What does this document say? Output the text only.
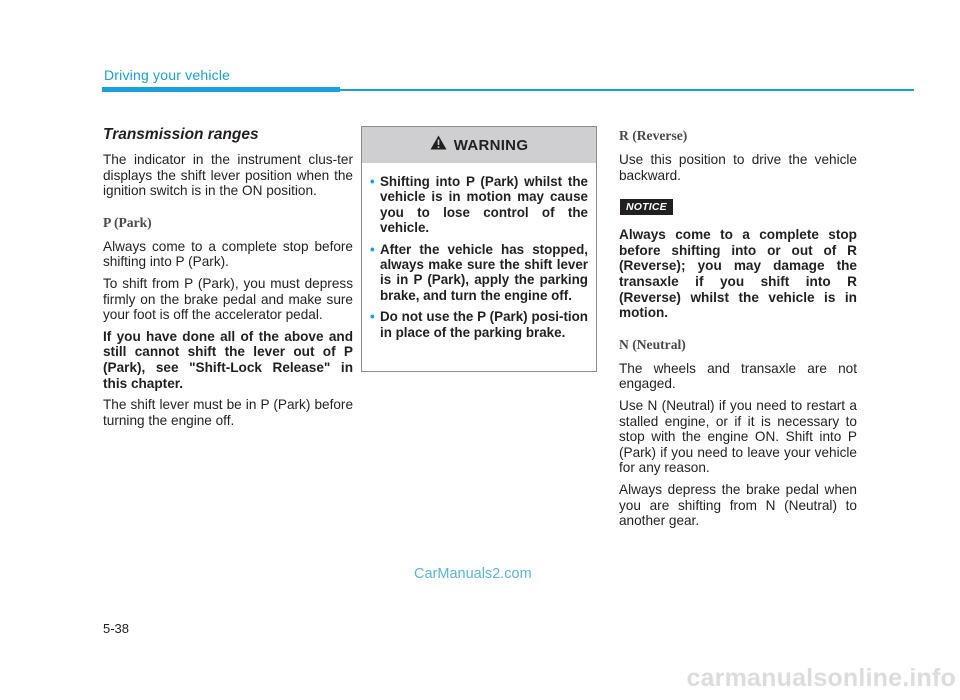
Driving your vehicle
Transmission ranges

The indicator in the instrument clus-ter displays the shift lever position when the ignition switch is in the ON position.

P (Park)

Always come to a complete stop before shifting into P (Park).

To shift from P (Park), you must depress firmly on the brake pedal and make sure your foot is off the accelerator pedal.

If you have done all of the above and still cannot shift the lever out of P (Park), see "Shift-Lock Release" in this chapter.

The shift lever must be in P (Park) before turning the engine off.

WARNING
• Shifting into P (Park) whilst the vehicle is in motion may cause you to lose control of the vehicle.
• After the vehicle has stopped, always make sure the shift lever is in P (Park), apply the parking brake, and turn the engine off.
• Do not use the P (Park) posi-tion in place of the parking brake.
R (Reverse)

Use this position to drive the vehicle backward.

NOTICE

Always come to a complete stop before shifting into or out of R (Reverse); you may damage the transaxle if you shift into R (Reverse) whilst the vehicle is in motion.

N (Neutral)

The wheels and transaxle are not engaged.

Use N (Neutral) if you need to restart a stalled engine, or if it is necessary to stop with the engine ON. Shift into P (Park) if you need to leave your vehicle for any reason.

Always depress the brake pedal when you are shifting from N (Neutral) to another gear.

CarManuals2.com
5-38
carmanualsonline.info
